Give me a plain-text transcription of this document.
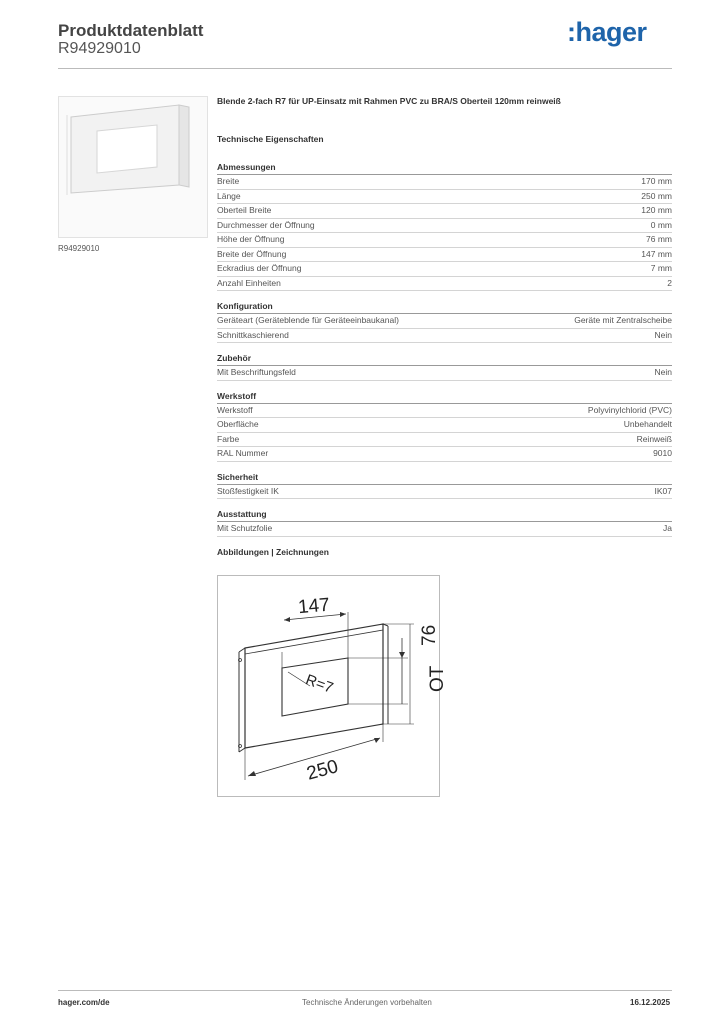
Produktdatenblatt
R94929010
:hager
R94929010
Blende 2-fach R7 für UP-Einsatz mit Rahmen PVC zu BRA/S Oberteil 120mm reinweiß
Technische Eigenschaften
Abmessungen
Breite	170 mm
Länge	250 mm
Oberteil Breite	120 mm
Durchmesser der Öffnung	0 mm
Höhe der Öffnung	76 mm
Breite der Öffnung	147 mm
Eckradius der Öffnung	7 mm
Anzahl Einheiten	2
Konfiguration
Geräteart (Geräteblende für Geräteeinbaukanal)	Geräte mit Zentralscheibe
Schnittkaschierend	Nein
Zubehör
Mit Beschriftungsfeld	Nein
Werkstoff
Werkstoff	Polyvinylchlorid (PVC)
Oberfläche	Unbehandelt
Farbe	Reinweiß
RAL Nummer	9010
Sicherheit
Stoßfestigkeit IK	IK07
Ausstattung
Mit Schutzfolie	Ja
Abbildungen | Zeichnungen
147
76
OT
R=7
250
hager.com/de	Technische Änderungen vorbehalten	16.12.2025
